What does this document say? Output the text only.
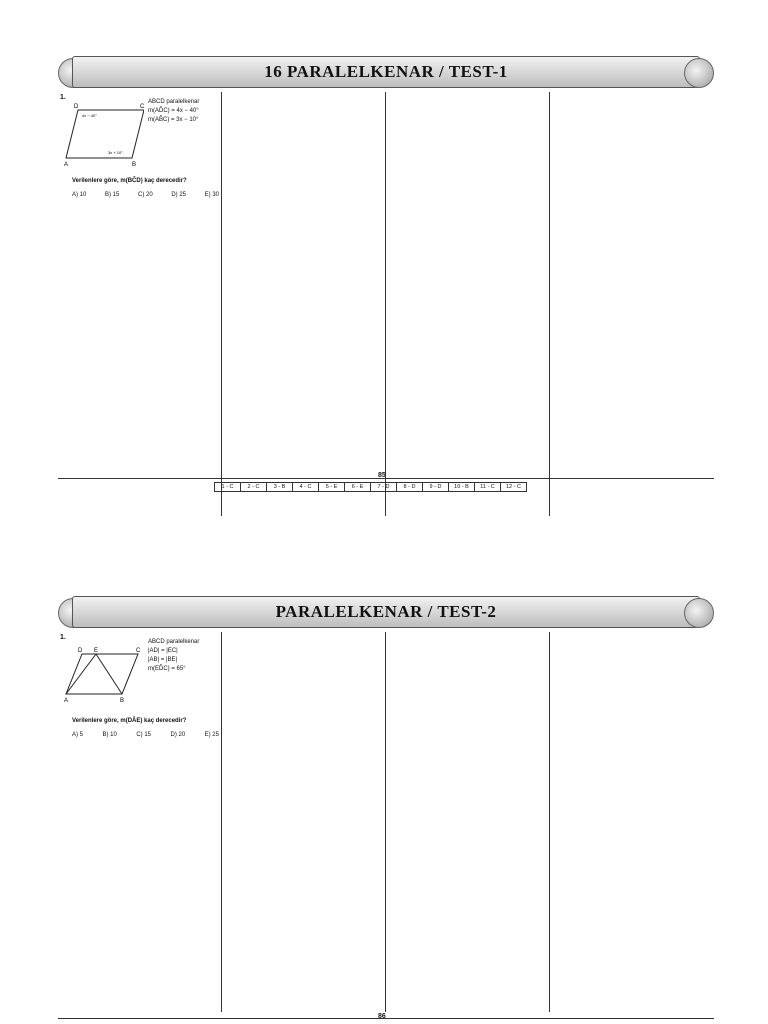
16 PARALELKENAR / TEST-1
1.
A	B
C
D
4x − 40°
3x + 10°
ABCD paralelkenar
m(AD̂C) = 4x − 40°
m(AB̂C) = 3x − 10°
Verilenlere göre, m(BĈD) kaç derecedir?
A) 10	B) 15	C) 20	D) 25	E) 30
85
1 - C	2 - C	3 - B	4 - C	5 - E	6 - E	7 - D	8 - D	9 - D	10 - B	11 - C	12 - C
PARALELKENAR / TEST-2
1.
A	B
C
D E
ABCD paralelkenar
|AD| = |EC|
|AB| = |BE|
m(ED̂C) = 65°
Verilenlere göre, m(DÂE) kaç derecedir?
A) 5	B) 10	C) 15	D) 20	E) 25
86
